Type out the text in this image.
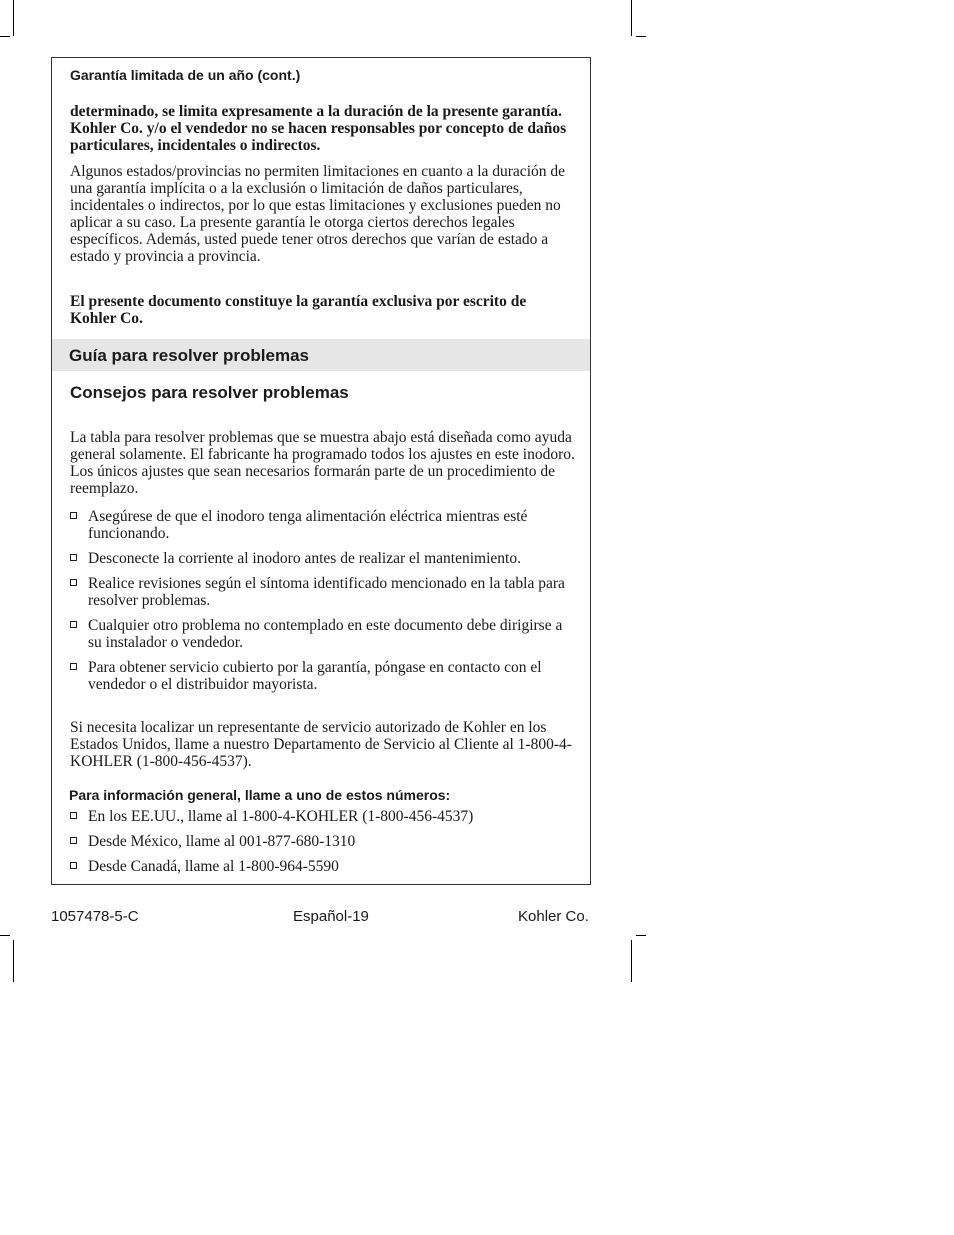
Garantía limitada de un año (cont.)

determinado, se limita expresamente a la duración de la presente garantía. Kohler Co. y/o el vendedor no se hacen responsables por concepto de daños particulares, incidentales o indirectos.

Algunos estados/provincias no permiten limitaciones en cuanto a la duración de una garantía implícita o a la exclusión o limitación de daños particulares, incidentales o indirectos, por lo que estas limitaciones y exclusiones pueden no aplicar a su caso. La presente garantía le otorga ciertos derechos legales específicos. Además, usted puede tener otros derechos que varían de estado a estado y provincia a provincia.

El presente documento constituye la garantía exclusiva por escrito de Kohler Co.

Guía para resolver problemas

Consejos para resolver problemas

La tabla para resolver problemas que se muestra abajo está diseñada como ayuda general solamente. El fabricante ha programado todos los ajustes en este inodoro. Los únicos ajustes que sean necesarios formarán parte de un procedimiento de reemplazo.

Asegúrese de que el inodoro tenga alimentación eléctrica mientras esté funcionando.
Desconecte la corriente al inodoro antes de realizar el mantenimiento.
Realice revisiones según el síntoma identificado mencionado en la tabla para resolver problemas.
Cualquier otro problema no contemplado en este documento debe dirigirse a su instalador o vendedor.
Para obtener servicio cubierto por la garantía, póngase en contacto con el vendedor o el distribuidor mayorista.

Si necesita localizar un representante de servicio autorizado de Kohler en los Estados Unidos, llame a nuestro Departamento de Servicio al Cliente al 1-800-4-KOHLER (1-800-456-4537).

Para información general, llame a uno de estos números:

En los EE.UU., llame al 1-800-4-KOHLER (1-800-456-4537)
Desde México, llame al 001-877-680-1310
Desde Canadá, llame al 1-800-964-5590
1057478-5-C	Español-19	Kohler Co.
